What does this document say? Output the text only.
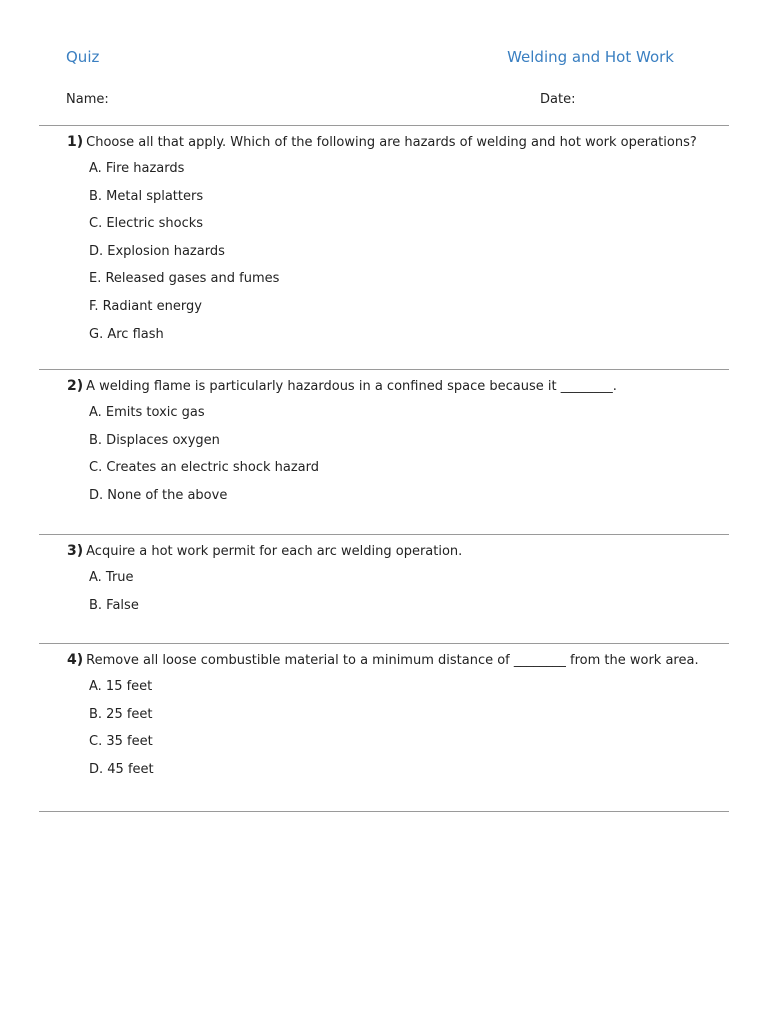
Quiz	Welding and Hot Work
Name:	Date:
1) Choose all that apply. Which of the following are hazards of welding and hot work operations?
A. Fire hazards
B. Metal splatters
C. Electric shocks
D. Explosion hazards
E. Released gases and fumes
F. Radiant energy
G. Arc flash
2) A welding flame is particularly hazardous in a confined space because it ________.
A. Emits toxic gas
B. Displaces oxygen
C. Creates an electric shock hazard
D. None of the above
3) Acquire a hot work permit for each arc welding operation.
A. True
B. False
4) Remove all loose combustible material to a minimum distance of ________ from the work area.
A. 15 feet
B. 25 feet
C. 35 feet
D. 45 feet
